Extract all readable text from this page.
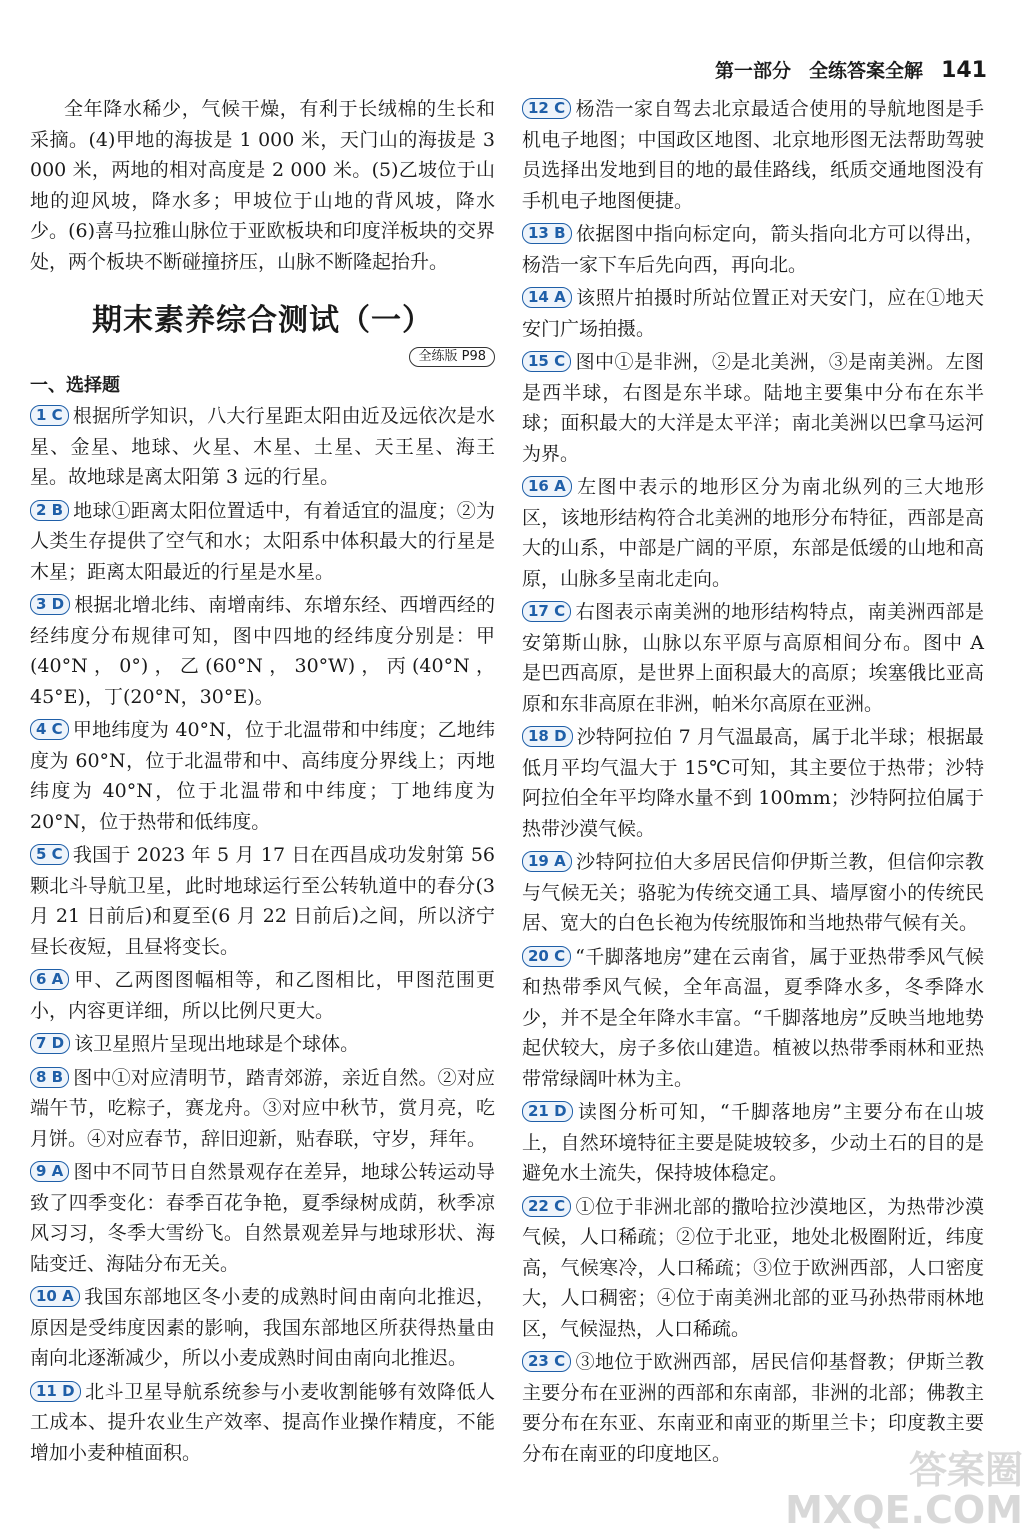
第一部分 全练答案全解 141
全年降水稀少，气候干燥，有利于长绒棉的生长和采摘。(4)甲地的海拔是 1 000 米，天门山的海拔是 3 000 米，两地的相对高度是 2 000 米。(5)乙坡位于山地的迎风坡，降水多；甲坡位于山地的背风坡，降水少。(6)喜马拉雅山脉位于亚欧板块和印度洋板块的交界处，两个板块不断碰撞挤压，山脉不断隆起抬升。
期末素养综合测试（一）
全练版 P98
一、选择题
1 C 根据所学知识，八大行星距太阳由近及远依次是水星、金星、地球、火星、木星、土星、天王星、海王星。故地球是离太阳第 3 远的行星。
2 B 地球①距离太阳位置适中，有着适宜的温度；②为人类生存提供了空气和水；太阳系中体积最大的行星是木星；距离太阳最近的行星是水星。
3 D 根据北增北纬、南增南纬、东增东经、西增西经的经纬度分布规律可知，图中四地的经纬度分别是：甲(40°N，0°)，乙(60°N，30°W)，丙(40°N，45°E)，丁(20°N，30°E)。
4 C 甲地纬度为 40°N，位于北温带和中纬度；乙地纬度为 60°N，位于北温带和中、高纬度分界线上；丙地纬度为 40°N，位于北温带和中纬度；丁地纬度为 20°N，位于热带和低纬度。
5 C 我国于 2023 年 5 月 17 日在西昌成功发射第 56 颗北斗导航卫星，此时地球运行至公转轨道中的春分(3 月 21 日前后)和夏至(6 月 22 日前后)之间，所以济宁昼长夜短，且昼将变长。
6 A 甲、乙两图图幅相等，和乙图相比，甲图范围更小，内容更详细，所以比例尺更大。
7 D 该卫星照片呈现出地球是个球体。
8 B 图中①对应清明节，踏青郊游，亲近自然。②对应端午节，吃粽子，赛龙舟。③对应中秋节，赏月亮，吃月饼。④对应春节，辞旧迎新，贴春联，守岁，拜年。
9 A 图中不同节日自然景观存在差异，地球公转运动导致了四季变化：春季百花争艳，夏季绿树成荫，秋季凉风习习，冬季大雪纷飞。自然景观差异与地球形状、海陆变迁、海陆分布无关。
10 A 我国东部地区冬小麦的成熟时间由南向北推迟，原因是受纬度因素的影响，我国东部地区所获得热量由南向北逐渐减少，所以小麦成熟时间由南向北推迟。
11 D 北斗卫星导航系统参与小麦收割能够有效降低人工成本、提升农业生产效率、提高作业操作精度，不能增加小麦种植面积。
12 C 杨浩一家自驾去北京最适合使用的导航地图是手机电子地图；中国政区地图、北京地形图无法帮助驾驶员选择出发地到目的地的最佳路线，纸质交通地图没有手机电子地图便捷。
13 B 依据图中指向标定向，箭头指向北方可以得出，杨浩一家下车后先向西，再向北。
14 A 该照片拍摄时所站位置正对天安门，应在①地天安门广场拍摄。
15 C 图中①是非洲，②是北美洲，③是南美洲。左图是西半球，右图是东半球。陆地主要集中分布在东半球；面积最大的大洋是太平洋；南北美洲以巴拿马运河为界。
16 A 左图中表示的地形区分为南北纵列的三大地形区，该地形结构符合北美洲的地形分布特征，西部是高大的山系，中部是广阔的平原，东部是低缓的山地和高原，山脉多呈南北走向。
17 C 右图表示南美洲的地形结构特点，南美洲西部是安第斯山脉，山脉以东平原与高原相间分布。图中 A 是巴西高原，是世界上面积最大的高原；埃塞俄比亚高原和东非高原在非洲，帕米尔高原在亚洲。
18 D 沙特阿拉伯 7 月气温最高，属于北半球；根据最低月平均气温大于 15℃可知，其主要位于热带；沙特阿拉伯全年平均降水量不到 100mm；沙特阿拉伯属于热带沙漠气候。
19 A 沙特阿拉伯大多居民信仰伊斯兰教，但信仰宗教与气候无关；骆驼为传统交通工具、墙厚窗小的传统民居、宽大的白色长袍为传统服饰和当地热带气候有关。
20 C “千脚落地房”建在云南省，属于亚热带季风气候和热带季风气候，全年高温，夏季降水多，冬季降水少，并不是全年降水丰富。“千脚落地房”反映当地地势起伏较大，房子多依山建造。植被以热带季雨林和亚热带常绿阔叶林为主。
21 D 读图分析可知，“千脚落地房”主要分布在山坡上，自然环境特征主要是陡坡较多，少动土石的目的是避免水土流失，保持坡体稳定。
22 C ①位于非洲北部的撒哈拉沙漠地区，为热带沙漠气候，人口稀疏；②位于北亚，地处北极圈附近，纬度高，气候寒冷，人口稀疏；③位于欧洲西部，人口密度大，人口稠密；④位于南美洲北部的亚马孙热带雨林地区，气候湿热，人口稀疏。
23 C ③地位于欧洲西部，居民信仰基督教；伊斯兰教主要分布在亚洲的西部和东南部，非洲的北部；佛教主要分布在东亚、东南亚和南亚的斯里兰卡；印度教主要分布在南亚的印度地区。	答案圈
MXQE.COM
